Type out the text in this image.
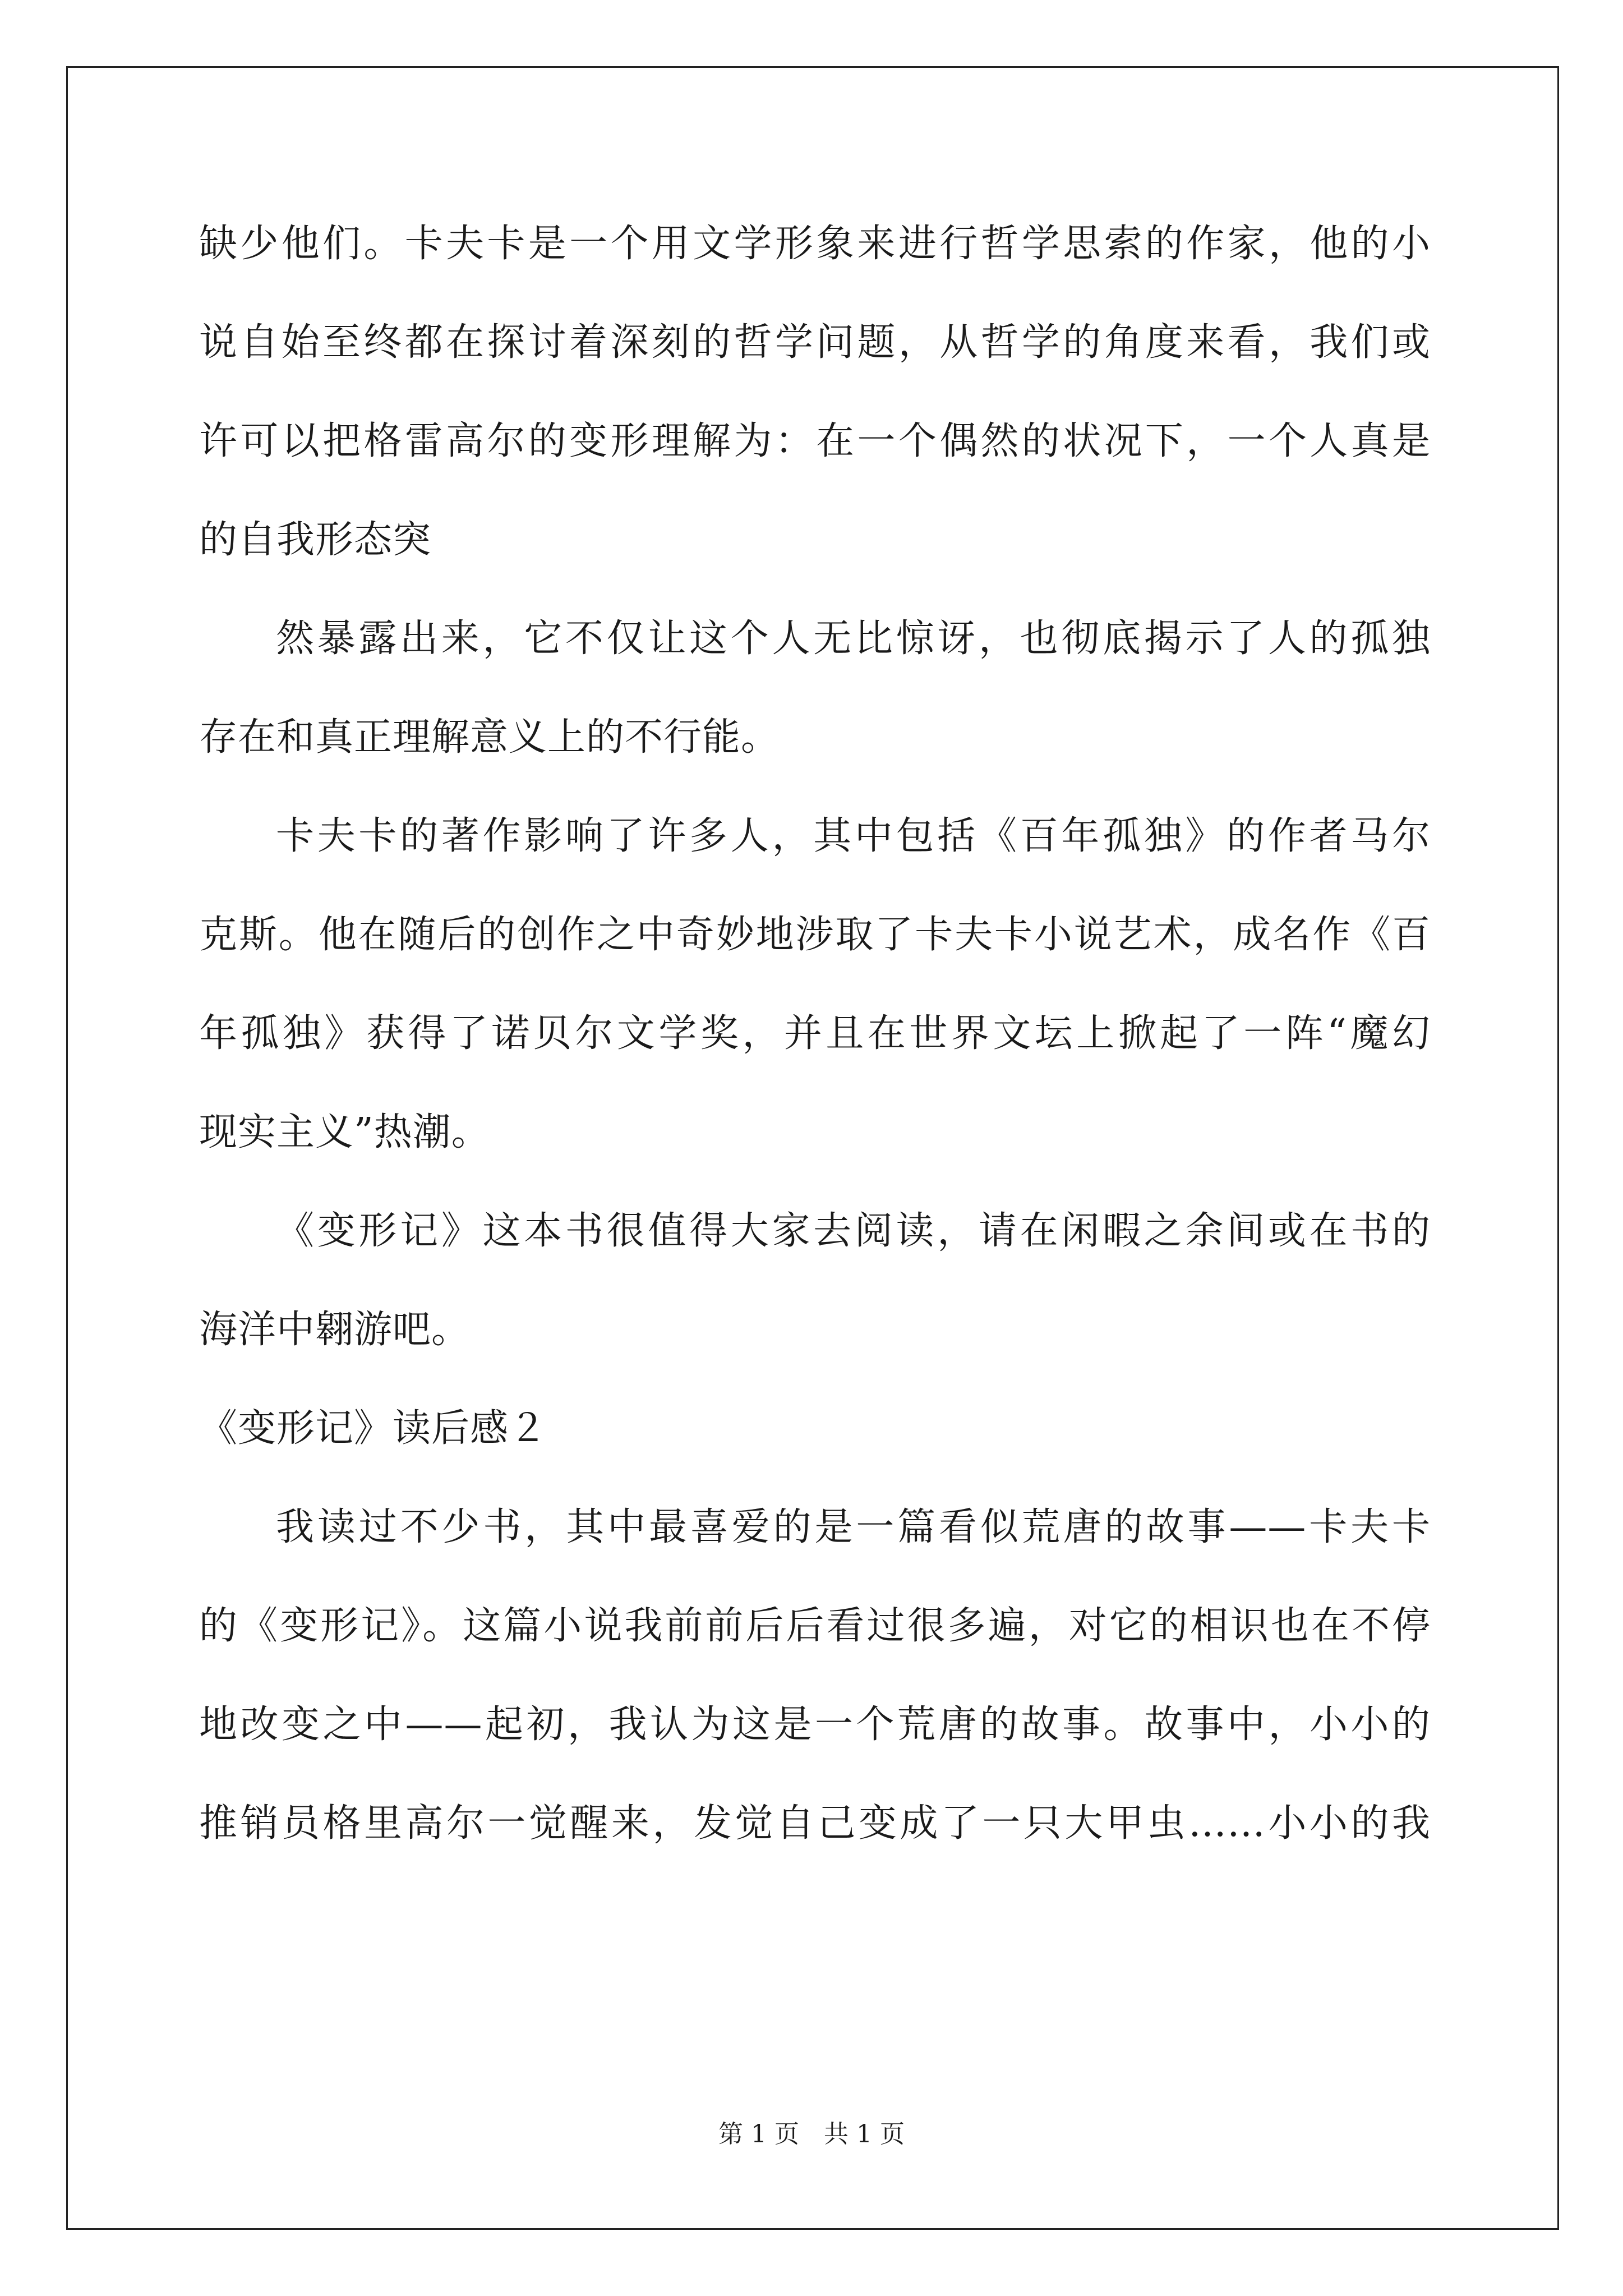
缺少他们。卡夫卡是一个用文学形象来进行哲学思索的作家，他的小
说自始至终都在探讨着深刻的哲学问题，从哲学的角度来看，我们或
许可以把格雷高尔的变形理解为：在一个偶然的状况下，一个人真是
的自我形态突
然暴露出来，它不仅让这个人无比惊讶，也彻底揭示了人的孤独
存在和真正理解意义上的不行能。
卡夫卡的著作影响了许多人，其中包括《百年孤独》的作者马尔
克斯。他在随后的创作之中奇妙地涉取了卡夫卡小说艺术，成名作《百
年孤独》获得了诺贝尔文学奖，并且在世界文坛上掀起了一阵“魔幻
现实主义”热潮。
《变形记》这本书很值得大家去阅读，请在闲暇之余间或在书的
海洋中翱游吧。
《变形记》读后感２
我读过不少书，其中最喜爱的是一篇看似荒唐的故事——卡夫卡
的《变形记》。这篇小说我前前后后看过很多遍，对它的相识也在不停
地改变之中——起初，我认为这是一个荒唐的故事。故事中，小小的
推销员格里高尔一觉醒来，发觉自己变成了一只大甲虫……小小的我
第 1 页　共 1 页
